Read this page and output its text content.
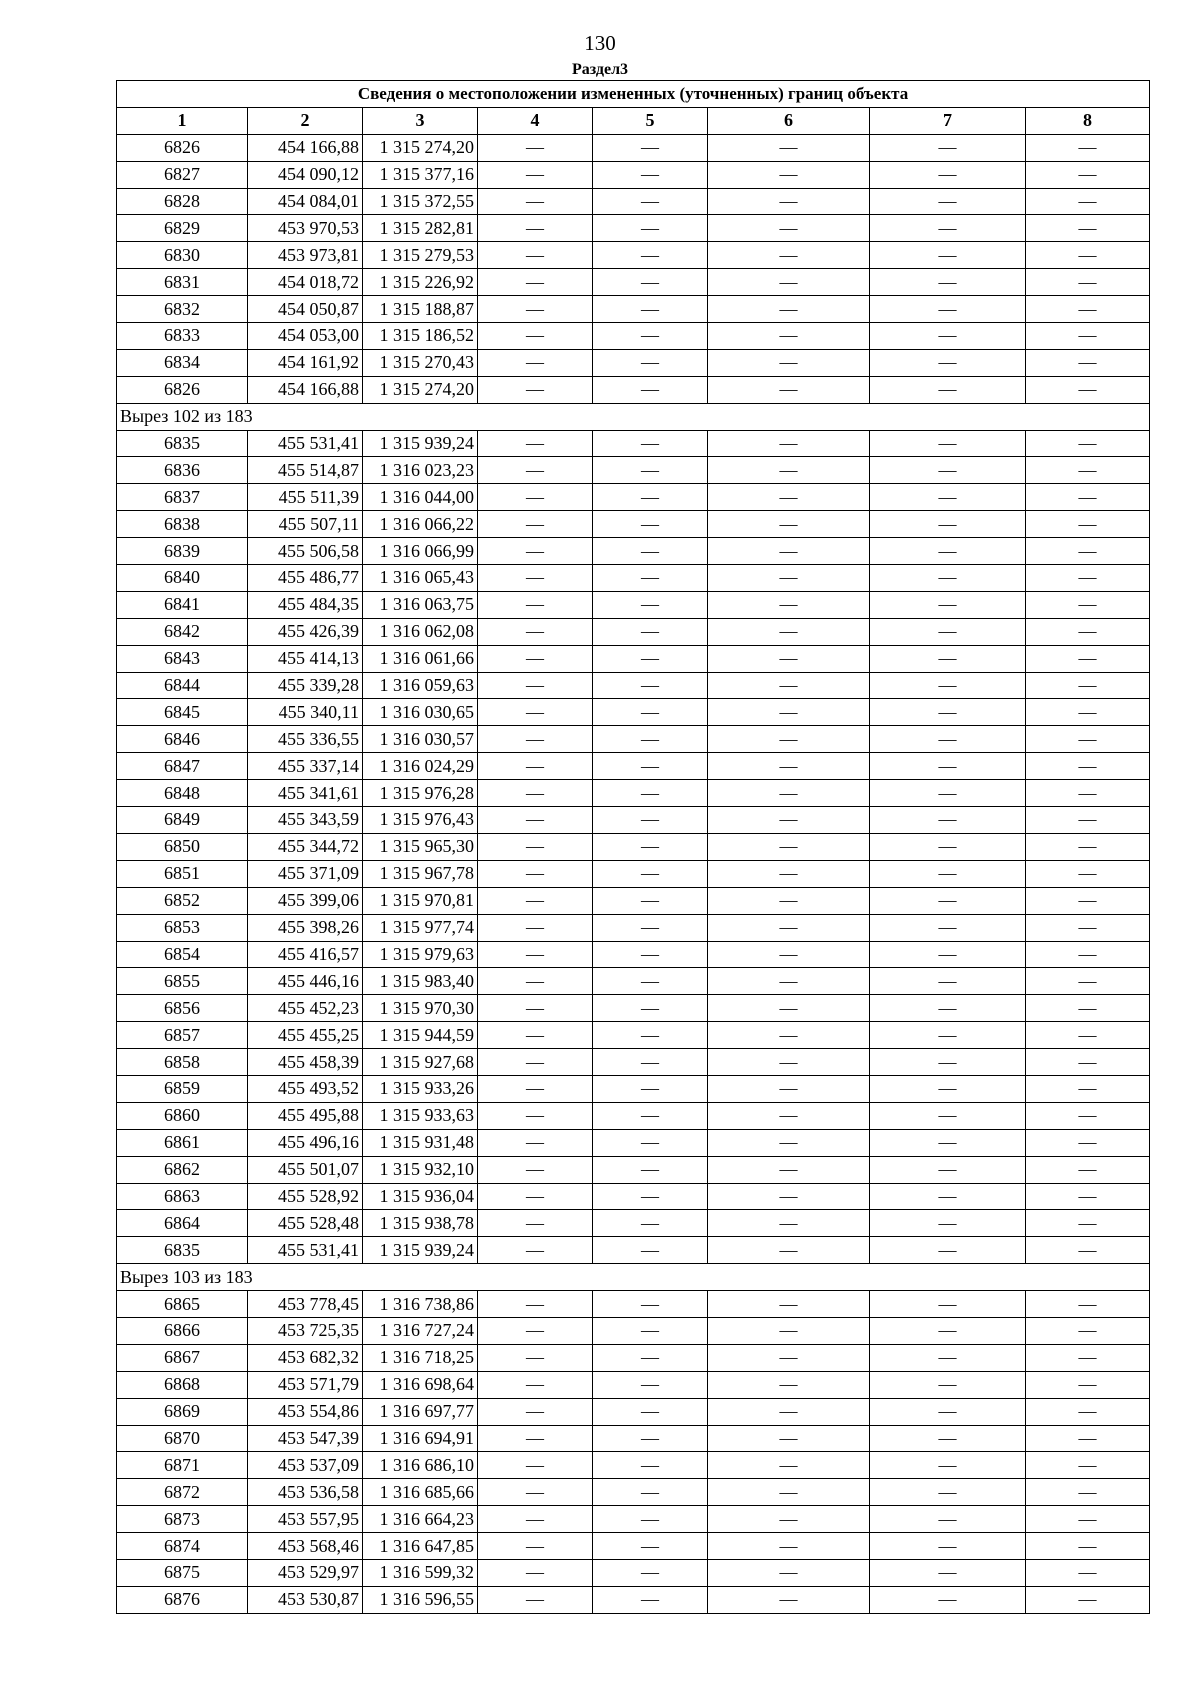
130
Раздел3
Сведения о местоположении измененных (уточненных) границ объекта							
1	2	3	4	5	6	7	8
6826	454 166,88	1 315 274,20	—	—	—	—	—
6827	454 090,12	1 315 377,16	—	—	—	—	—
6828	454 084,01	1 315 372,55	—	—	—	—	—
6829	453 970,53	1 315 282,81	—	—	—	—	—
6830	453 973,81	1 315 279,53	—	—	—	—	—
6831	454 018,72	1 315 226,92	—	—	—	—	—
6832	454 050,87	1 315 188,87	—	—	—	—	—
6833	454 053,00	1 315 186,52	—	—	—	—	—
6834	454 161,92	1 315 270,43	—	—	—	—	—
6826	454 166,88	1 315 274,20	—	—	—	—	—
Вырез 102 из 183							
6835	455 531,41	1 315 939,24	—	—	—	—	—
6836	455 514,87	1 316 023,23	—	—	—	—	—
6837	455 511,39	1 316 044,00	—	—	—	—	—
6838	455 507,11	1 316 066,22	—	—	—	—	—
6839	455 506,58	1 316 066,99	—	—	—	—	—
6840	455 486,77	1 316 065,43	—	—	—	—	—
6841	455 484,35	1 316 063,75	—	—	—	—	—
6842	455 426,39	1 316 062,08	—	—	—	—	—
6843	455 414,13	1 316 061,66	—	—	—	—	—
6844	455 339,28	1 316 059,63	—	—	—	—	—
6845	455 340,11	1 316 030,65	—	—	—	—	—
6846	455 336,55	1 316 030,57	—	—	—	—	—
6847	455 337,14	1 316 024,29	—	—	—	—	—
6848	455 341,61	1 315 976,28	—	—	—	—	—
6849	455 343,59	1 315 976,43	—	—	—	—	—
6850	455 344,72	1 315 965,30	—	—	—	—	—
6851	455 371,09	1 315 967,78	—	—	—	—	—
6852	455 399,06	1 315 970,81	—	—	—	—	—
6853	455 398,26	1 315 977,74	—	—	—	—	—
6854	455 416,57	1 315 979,63	—	—	—	—	—
6855	455 446,16	1 315 983,40	—	—	—	—	—
6856	455 452,23	1 315 970,30	—	—	—	—	—
6857	455 455,25	1 315 944,59	—	—	—	—	—
6858	455 458,39	1 315 927,68	—	—	—	—	—
6859	455 493,52	1 315 933,26	—	—	—	—	—
6860	455 495,88	1 315 933,63	—	—	—	—	—
6861	455 496,16	1 315 931,48	—	—	—	—	—
6862	455 501,07	1 315 932,10	—	—	—	—	—
6863	455 528,92	1 315 936,04	—	—	—	—	—
6864	455 528,48	1 315 938,78	—	—	—	—	—
6835	455 531,41	1 315 939,24	—	—	—	—	—
Вырез 103 из 183							
6865	453 778,45	1 316 738,86	—	—	—	—	—
6866	453 725,35	1 316 727,24	—	—	—	—	—
6867	453 682,32	1 316 718,25	—	—	—	—	—
6868	453 571,79	1 316 698,64	—	—	—	—	—
6869	453 554,86	1 316 697,77	—	—	—	—	—
6870	453 547,39	1 316 694,91	—	—	—	—	—
6871	453 537,09	1 316 686,10	—	—	—	—	—
6872	453 536,58	1 316 685,66	—	—	—	—	—
6873	453 557,95	1 316 664,23	—	—	—	—	—
6874	453 568,46	1 316 647,85	—	—	—	—	—
6875	453 529,97	1 316 599,32	—	—	—	—	—
6876	453 530,87	1 316 596,55	—	—	—	—	—
